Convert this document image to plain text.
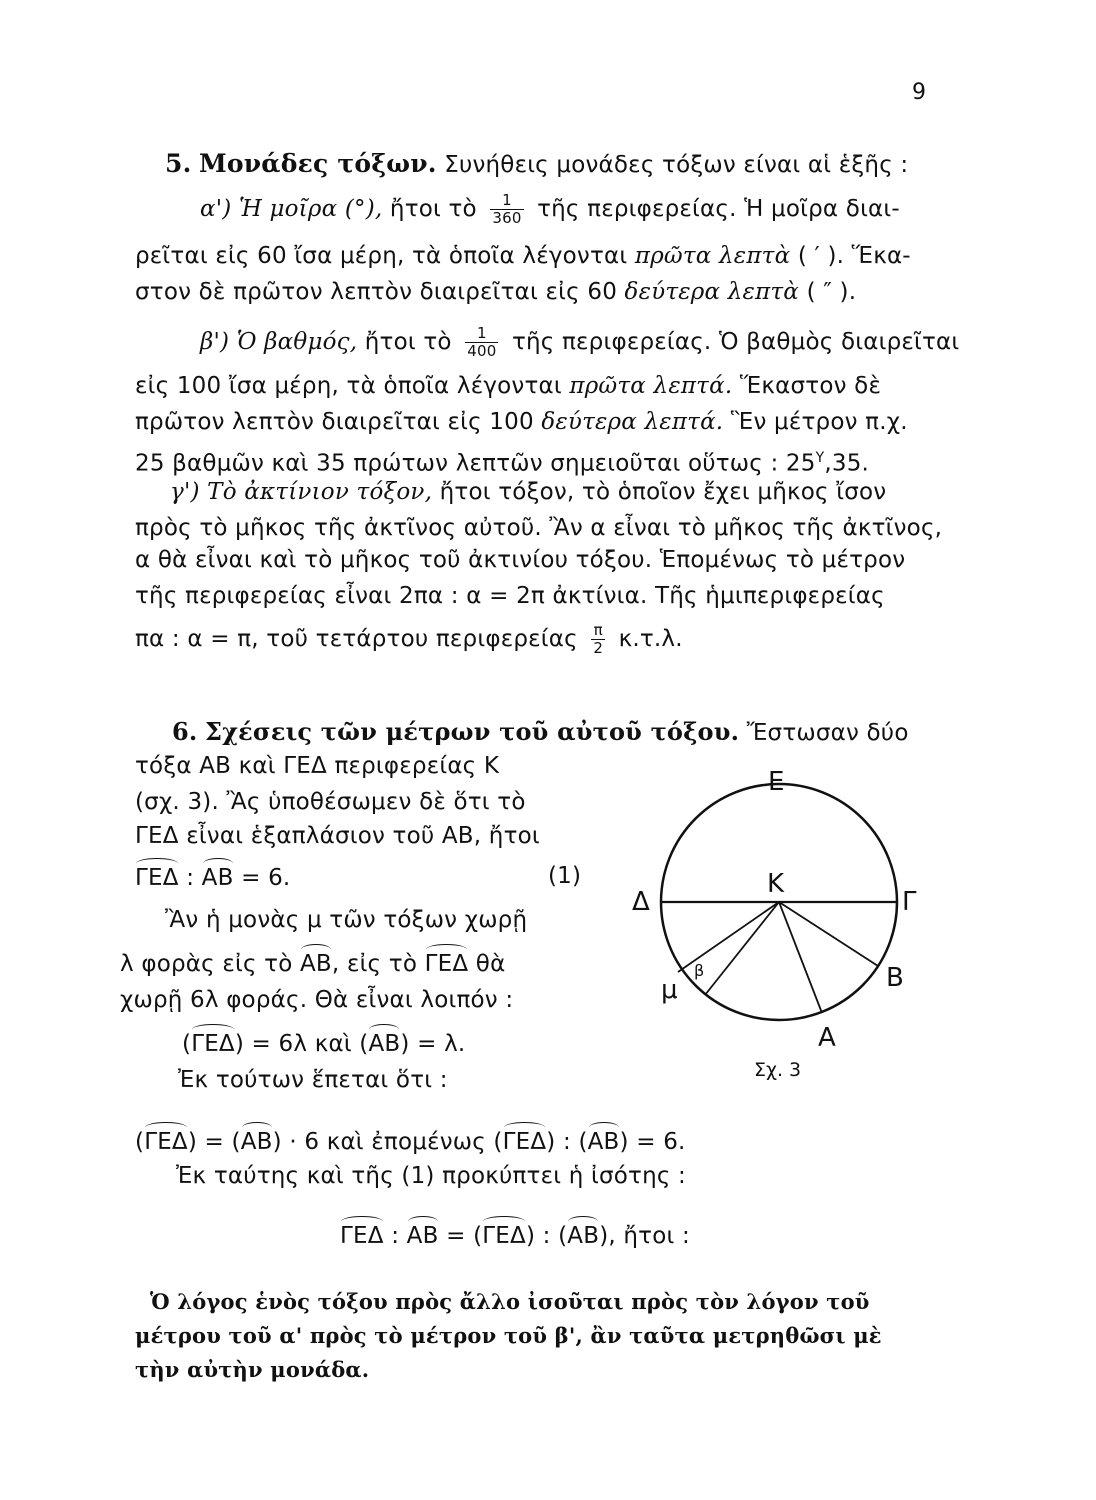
9
5. Μονάδες τόξων. Συνήθεις μονάδες τόξων είναι αἱ ἑξῆς :
α') Ἡ μοῖρα (°), ἤτοι τὸ $\frac{1}{360}$ τῆς περιφερείας. Ἡ μοῖρα διαι-
ρεῖται εἰς 60 ἴσα μέρη, τὰ ὁποῖα λέγονται πρῶτα λεπτὰ ( ′ ). Ἕκα-
στον δὲ πρῶτον λεπτὸν διαιρεῖται εἰς 60 δεύτερα λεπτὰ ( ″ ).
β') Ὁ βαθμός, ἤτοι τὸ $\frac{1}{400}$ τῆς περιφερείας. Ὁ βαθμὸς διαιρεῖται
εἰς 100 ἴσα μέρη, τὰ ὁποῖα λέγονται πρῶτα λεπτά. Ἕκαστον δὲ
πρῶτον λεπτὸν διαιρεῖται εἰς 100 δεύτερα λεπτά. Ἓν μέτρον π.χ.
25 βαθμῶν καὶ 35 πρώτων λεπτῶν σημειοῦται οὕτως : $25^Y,35$.
γ') Τὸ ἀκτίνιον τόξον, ἤτοι τόξον, τὸ ὁποῖον ἔχει μῆκος ἴσον
πρὸς τὸ μῆκος τῆς ἀκτῖνος αὐτοῦ. Ἂν α εἶναι τὸ μῆκος τῆς ἀκτῖνος,
α θὰ εἶναι καὶ τὸ μῆκος τοῦ ἀκτινίου τόξου. Ἑπομένως τὸ μέτρον
τῆς περιφερείας εἶναι 2πα : α = 2π ἀκτίνια. Τῆς ἡμιπεριφερείας
πα : α = π, τοῦ τετάρτου περιφερείας $\frac{\pi}{2} \kappa.\tau.\lambda$.
6. Σχέσεις τῶν μέτρων τοῦ αὐτοῦ τόξου. Ἔστωσαν δύο
τόξα ΑΒ καὶ ΓΕΔ περιφερείας Κ
(σχ. 3). Ἂς ὑποθέσωμεν δὲ ὅτι τὸ
ΓΕΔ εἶναι ἑξαπλάσιον τοῦ ΑΒ, ἤτοι
ΓΕΔ : ΑΒ = 6.	(1)
Ἂν ἡ μονὰς μ τῶν τόξων χωρῇ
λ φορὰς εἰς τὸ ΑΒ, εἰς τὸ ΓΕΔ θὰ
χωρῇ 6λ φοράς. Θὰ εἶναι λοιπόν :
(ΓΕΔ) = 6λ καὶ (ΑΒ) = λ.
Ἐκ τούτων ἕπεται ὅτι :
(ΓΕΔ) = (ΑΒ) · 6 καὶ ἐπομένως (ΓΕΔ) : (ΑΒ) = 6.
Ἐκ ταύτης καὶ τῆς (1) προκύπτει ἡ ἰσότης :
ΓΕΔ : ΑΒ = (ΓΕΔ) : (ΑΒ), ἤτοι :
Ὁ λόγος ἑνὸς τόξου πρὸς ἄλλο ἰσοῦται πρὸς τὸν λόγον τοῦ
μέτρου τοῦ α' πρὸς τὸ μέτρον τοῦ β', ἂν ταῦτα μετρηθῶσι μὲ
τὴν αὐτὴν μονάδα.
Ε
Κ
Δ	Γ
Β
Α
μ
β
Σχ. 3
